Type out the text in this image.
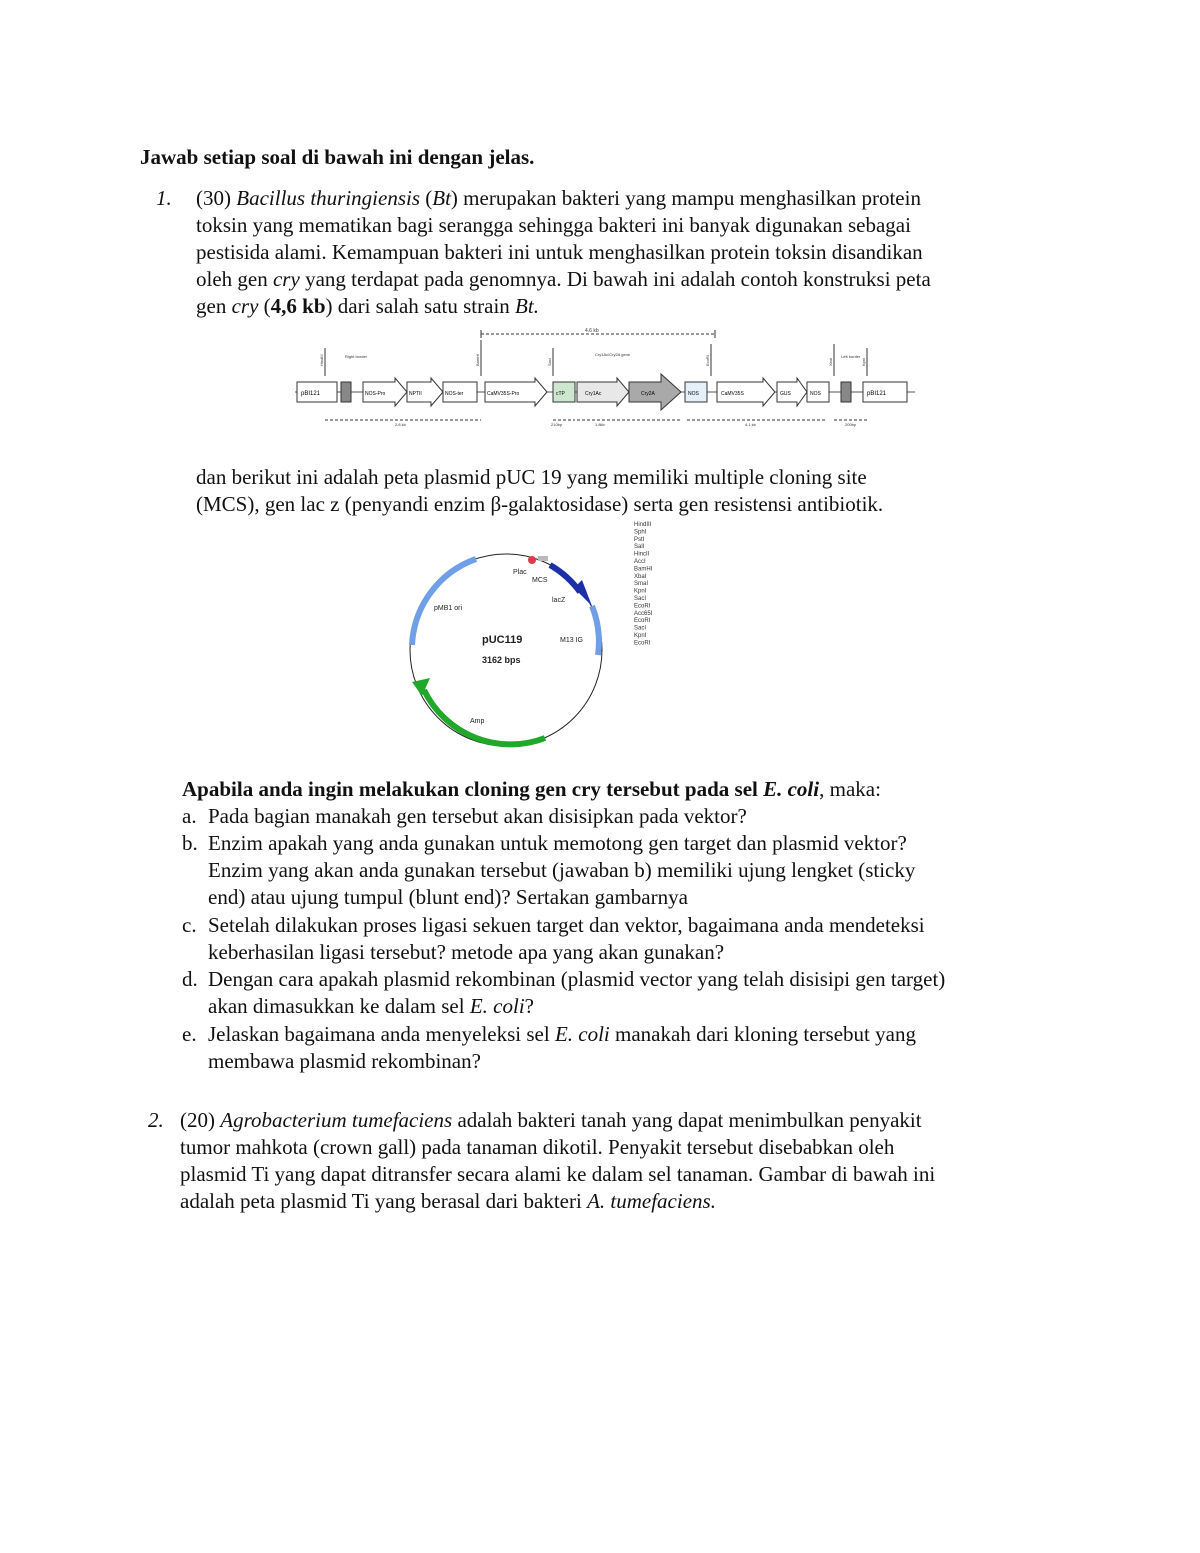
Jawab setiap soal di bawah ini dengan jelas.
1. (30) Bacillus thuringiensis (Bt) merupakan bakteri yang mampu menghasilkan protein
toksin yang mematikan bagi serangga sehingga bakteri ini banyak digunakan sebagai
pestisida alami. Kemampuan bakteri ini untuk menghasilkan protein toksin disandikan
oleh gen cry yang terdapat pada genomnya. Di bawah ini adalah contoh konstruksi peta
gen cry (4,6 kb) dari salah satu strain Bt.
4.6 kb
Cry1Ac/Cry2A gene
HindIII	BamHI	SacI	EcoRI	XbaI	KpnI
Right border	Left border
pBI121	NOS-Pro	NPTII	NOS-ter	CaMV35S-Pro	cTP	Cry1Ac	Cry2A	NOS	CaMV35S	GUS	NOS	pBI121
2.8 kb	210bp	1.8kb	4.1 kb	200bp
dan berikut ini adalah peta plasmid pUC 19 yang memiliki multiple cloning site
(MCS), gen lac z (penyandi enzim β-galaktosidase) serta gen resistensi antibiotik.
Plac
MCS
lacZ
M13 IG
pMB1 ori
Amp
pUC119
3162 bps
HindIII
SphI
PstI
SalI
HincII
AccI
BamHI
XbaI
SmaI
KpnI
SacI
EcoRI
Acc65I
EcoRI
SacI
KpnI
EcoRI
Apabila anda ingin melakukan cloning gen cry tersebut pada sel E. coli, maka:
a. Pada bagian manakah gen tersebut akan disisipkan pada vektor?
b. Enzim apakah yang anda gunakan untuk memotong gen target dan plasmid vektor?
Enzim yang akan anda gunakan tersebut (jawaban b) memiliki ujung lengket (sticky
end) atau ujung tumpul (blunt end)? Sertakan gambarnya
c. Setelah dilakukan proses ligasi sekuen target dan vektor, bagaimana anda mendeteksi
keberhasilan ligasi tersebut? metode apa yang akan gunakan?
d. Dengan cara apakah plasmid rekombinan (plasmid vector yang telah disisipi gen target)
akan dimasukkan ke dalam sel E. coli?
e. Jelaskan bagaimana anda menyeleksi sel E. coli manakah dari kloning tersebut yang
membawa plasmid rekombinan?
2. (20) Agrobacterium tumefaciens adalah bakteri tanah yang dapat menimbulkan penyakit
tumor mahkota (crown gall) pada tanaman dikotil. Penyakit tersebut disebabkan oleh
plasmid Ti yang dapat ditransfer secara alami ke dalam sel tanaman. Gambar di bawah ini
adalah peta plasmid Ti yang berasal dari bakteri A. tumefaciens.
